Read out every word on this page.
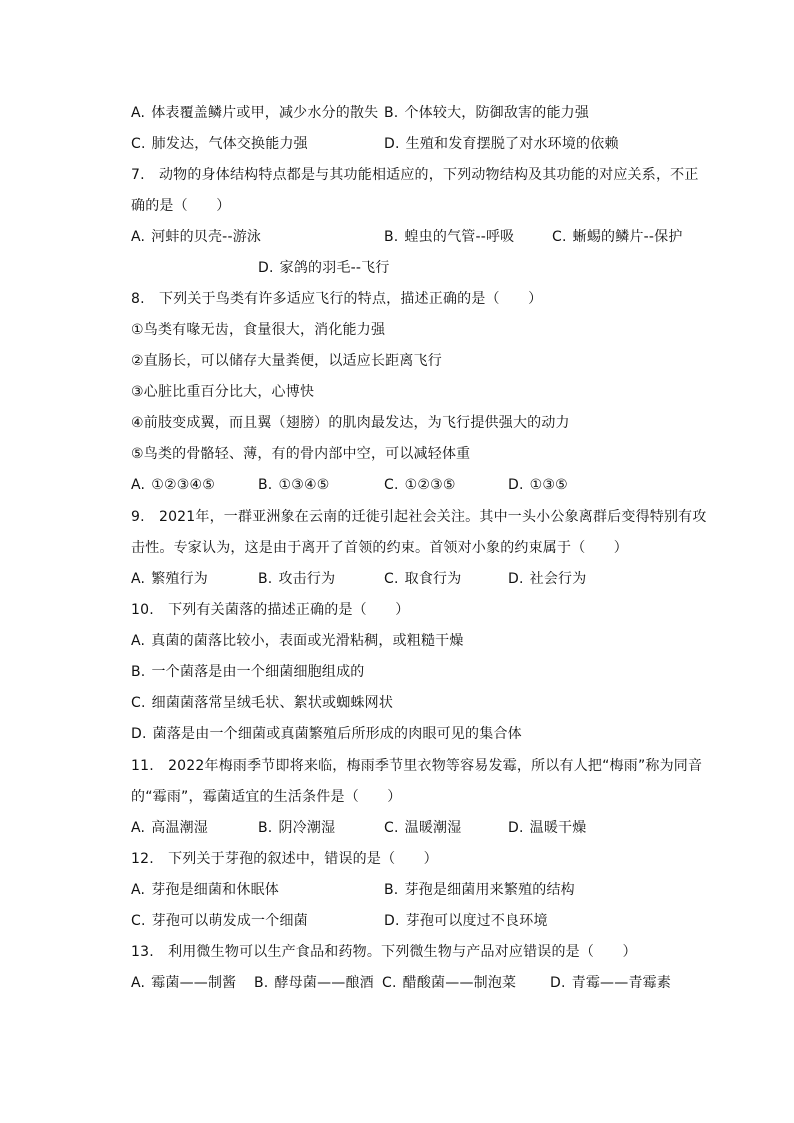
A. 体表覆盖鳞片或甲，减少水分的散失 B. 个体较大，防御敌害的能力强
C. 肺发达，气体交换能力强	D. 生殖和发育摆脱了对水环境的依赖
7.　动物的身体结构特点都是与其功能相适应的，下列动物结构及其功能的对应关系，不正
确的是（　　）
A. 河蚌的贝壳--游泳	B. 蝗虫的气管--呼吸	C. 蜥蜴的鳞片--保护
D. 家鸽的羽毛--飞行
8.　下列关于鸟类有许多适应飞行的特点，描述正确的是（　　）
①鸟类有喙无齿，食量很大，消化能力强
②直肠长，可以储存大量粪便，以适应长距离飞行
③心脏比重百分比大，心博快
④前肢变成翼，而且翼（翅膀）的肌肉最发达，为飞行提供强大的动力
⑤鸟类的骨骼轻、薄，有的骨内部中空，可以减轻体重
A. ①②③④⑤	B. ①③④⑤	C. ①②③⑤	D. ①③⑤
9.　2021年，一群亚洲象在云南的迁徙引起社会关注。其中一头小公象离群后变得特别有攻
击性。专家认为，这是由于离开了首领的约束。首领对小象的约束属于（　　）
A. 繁殖行为	B. 攻击行为	C. 取食行为	D. 社会行为
10.　下列有关菌落的描述正确的是（　　）
A. 真菌的菌落比较小，表面或光滑粘稠，或粗糙干燥
B. 一个菌落是由一个细菌细胞组成的
C. 细菌菌落常呈绒毛状、絮状或蜘蛛网状
D. 菌落是由一个细菌或真菌繁殖后所形成的肉眼可见的集合体
11.　2022年梅雨季节即将来临，梅雨季节里衣物等容易发霉，所以有人把“梅雨”称为同音
的“霉雨”，霉菌适宜的生活条件是（　　）
A. 高温潮湿	B. 阴冷潮湿	C. 温暖潮湿	D. 温暖干燥
12.　下列关于芽孢的叙述中，错误的是（　　）
A. 芽孢是细菌和休眠体	B. 芽孢是细菌用来繁殖的结构
C. 芽孢可以萌发成一个细菌	D. 芽孢可以度过不良环境
13.　利用微生物可以生产食品和药物。下列微生物与产品对应错误的是（　　）
A. 霉菌——制酱 B. 酵母菌——酿酒 C. 醋酸菌——制泡菜 D. 青霉——青霉素
